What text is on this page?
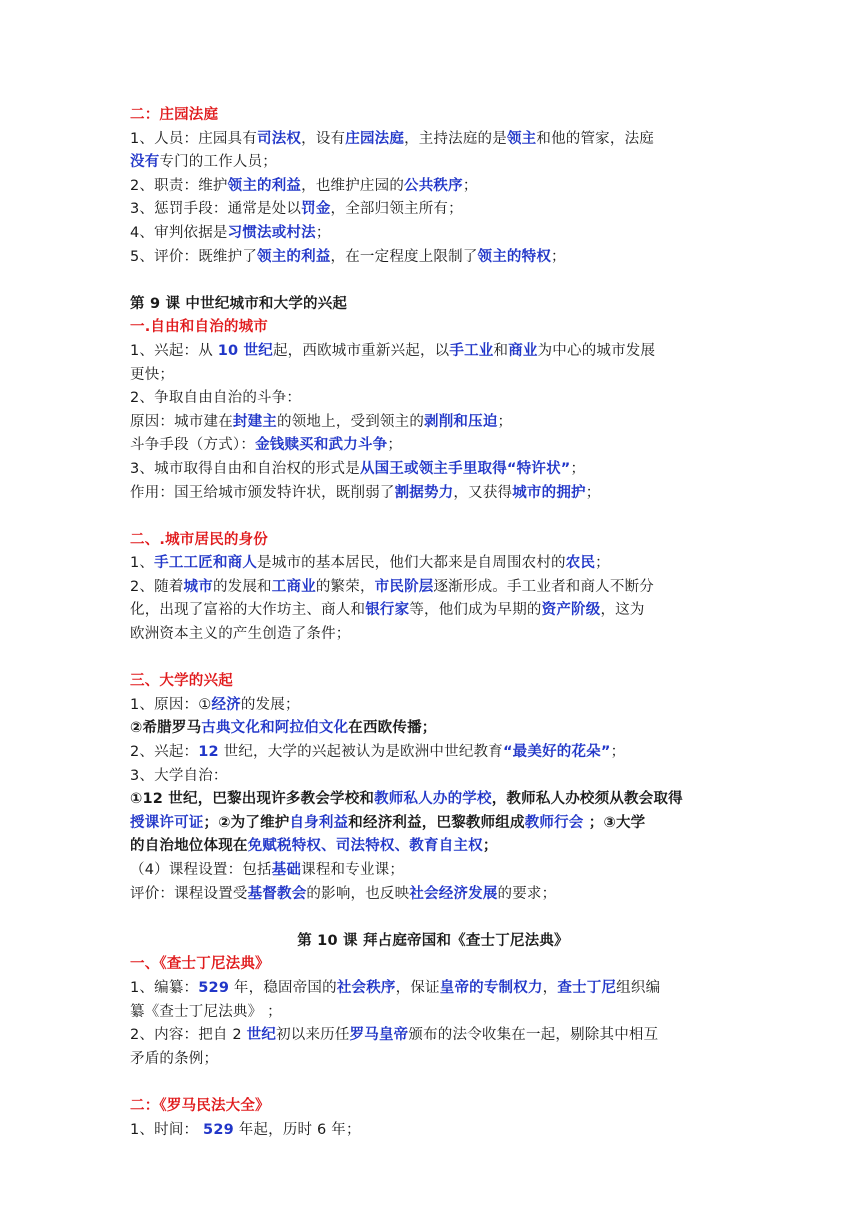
二：庄园法庭
1、人员：庄园具有司法权，设有庄园法庭，主持法庭的是领主和他的管家，法庭
没有专门的工作人员；
2、职责：维护领主的利益，也维护庄园的公共秩序；
3、惩罚手段：通常是处以罚金，全部归领主所有；
4、审判依据是习惯法或村法；
5、评价：既维护了领主的利益，在一定程度上限制了领主的特权；
第 9 课 中世纪城市和大学的兴起
一.自由和自治的城市
1、兴起：从 10 世纪起，西欧城市重新兴起，以手工业和商业为中心的城市发展
更快；
2、争取自由自治的斗争：
原因：城市建在封建主的领地上，受到领主的剥削和压迫；
斗争手段（方式）：金钱赎买和武力斗争；
3、城市取得自由和自治权的形式是从国王或领主手里取得“特许状”；
作用：国王给城市颁发特许状，既削弱了割据势力，又获得城市的拥护；
二、.城市居民的身份
1、手工工匠和商人是城市的基本居民，他们大都来是自周围农村的农民；
2、随着城市的发展和工商业的繁荣，市民阶层逐渐形成。手工业者和商人不断分
化，出现了富裕的大作坊主、商人和银行家等，他们成为早期的资产阶级，这为
欧洲资本主义的产生创造了条件；
三、大学的兴起
1、原因：①经济的发展；
②希腊罗马古典文化和阿拉伯文化在西欧传播；
2、兴起：12 世纪，大学的兴起被认为是欧洲中世纪教育“最美好的花朵”；
3、大学自治：
①12 世纪，巴黎出现许多教会学校和教师私人办的学校，教师私人办校须从教会取得
授课许可证；②为了维护自身利益和经济利益，巴黎教师组成教师行会 ；③大学
的自治地位体现在免赋税特权、司法特权、教育自主权；
（4）课程设置：包括基础课程和专业课；
评价：课程设置受基督教会的影响，也反映社会经济发展的要求；
第 10 课 拜占庭帝国和《查士丁尼法典》
一、《查士丁尼法典》
1、编纂：529 年，稳固帝国的社会秩序，保证皇帝的专制权力，查士丁尼组织编
纂《查士丁尼法典》 ；
2、内容：把自 2 世纪初以来历任罗马皇帝颁布的法令收集在一起，剔除其中相互
矛盾的条例；
二：《罗马民法大全》
1、时间： 529 年起，历时 6 年；
